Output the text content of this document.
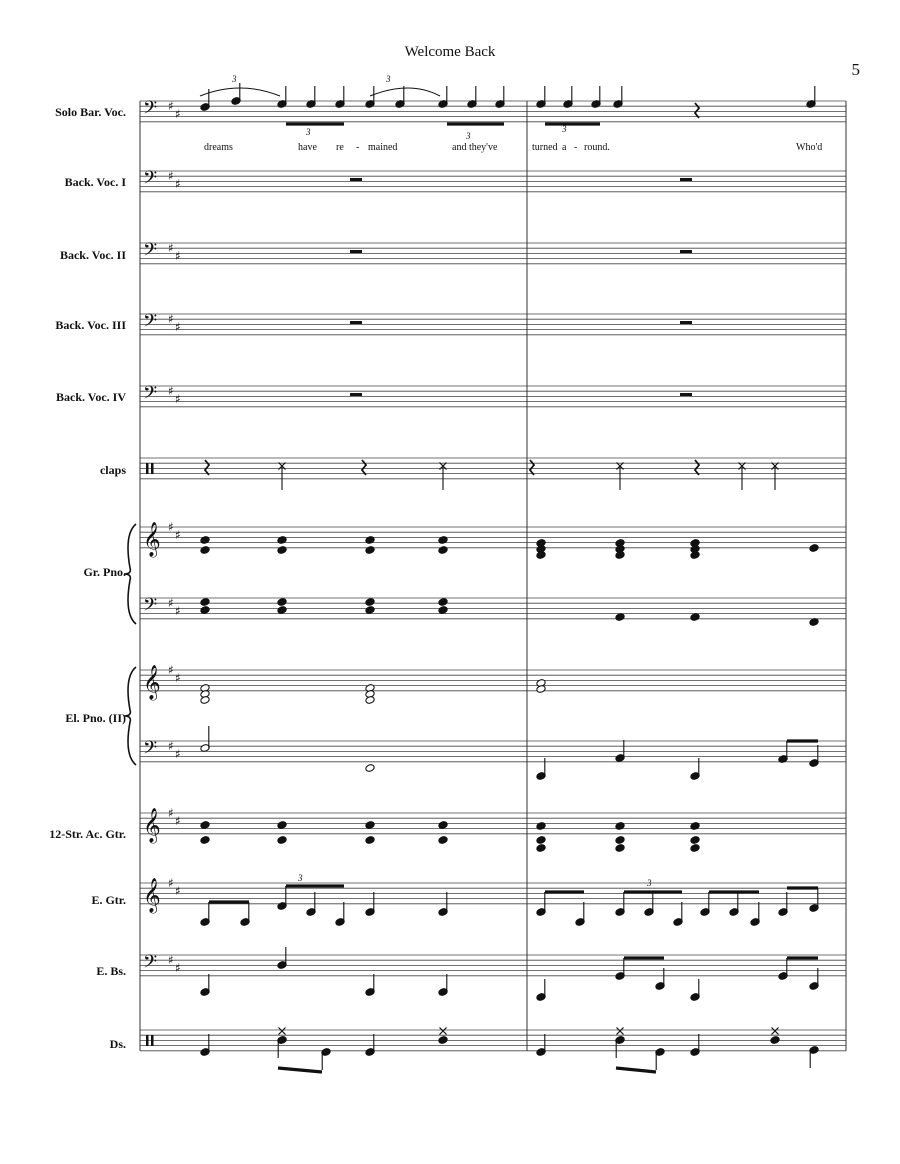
Welcome Back
5
Solo Bar. Voc.
Back. Voc. I
Back. Voc. II
Back. Voc. III
Back. Voc. IV
claps
Gr. Pno.
El. Pno. (II)
12-Str. Ac. Gtr.
E. Gtr.
E. Bs.
Ds.
dreams	have re - mained	and they've	turned a - round.	Who'd
3	3
3	3
3
3	3
𝄢 ♯
♯
𝄢 ♯
♯
𝄢 ♯
♯
𝄢 ♯
♯
𝄢 ♯
♯
𝄞 ♯
♯
𝄢 ♯
♯
𝄞 ♯
♯
𝄢 ♯
♯
𝄞 ♯
♯
𝄞 ♯
♯
𝄢 ♯
♯
